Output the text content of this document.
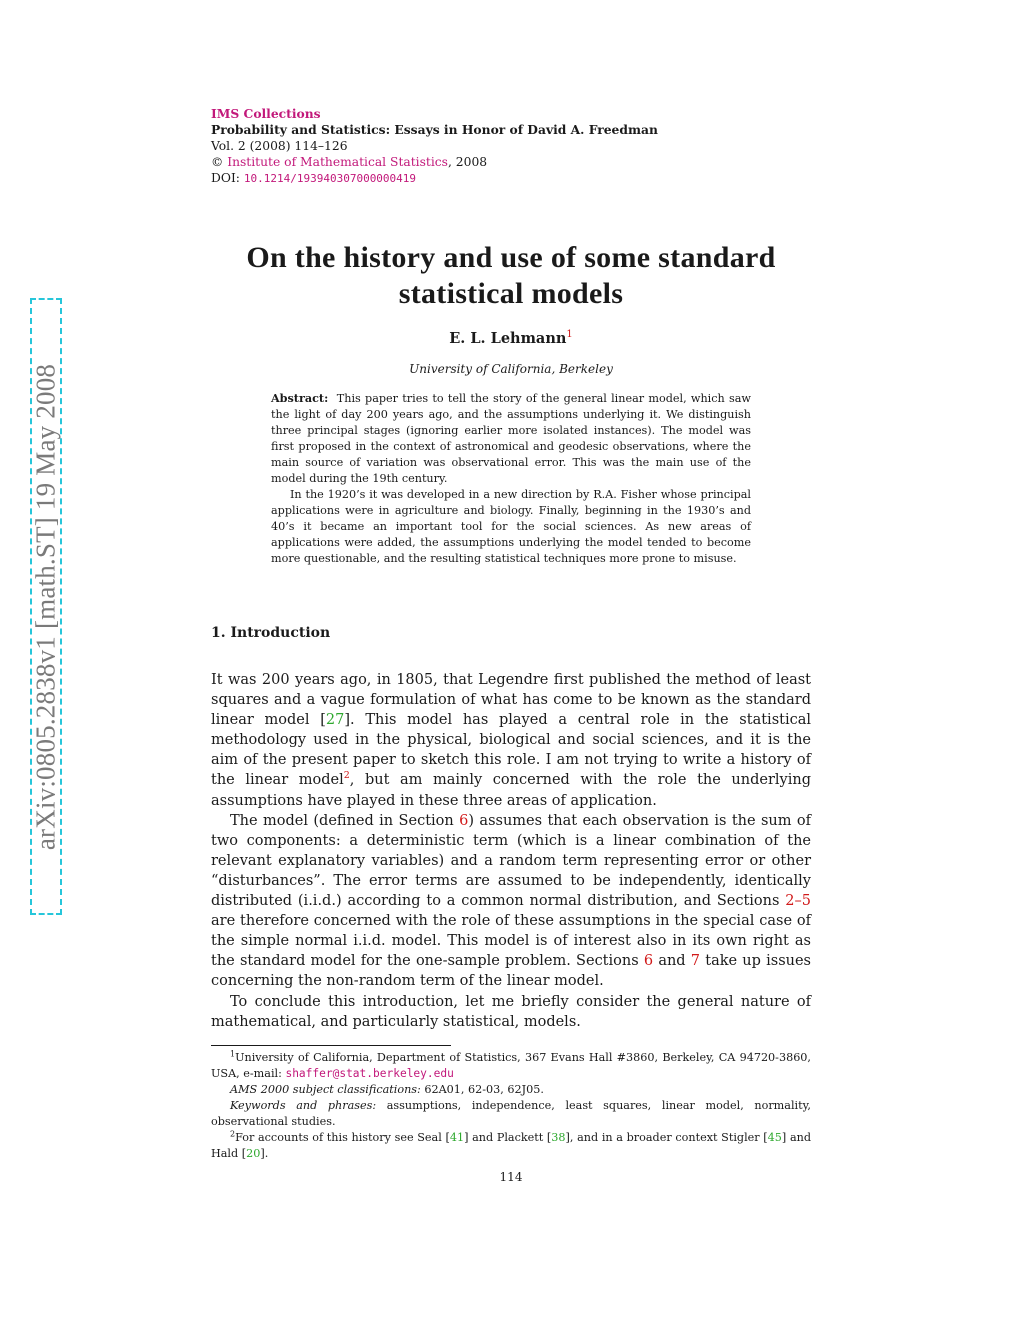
arXiv:0805.2838v1 [math.ST] 19 May 2008
IMS Collections
Probability and Statistics: Essays in Honor of David A. Freedman
Vol. 2 (2008) 114–126
© Institute of Mathematical Statistics, 2008
DOI: 10.1214/193940307000000419
On the history and use of some standard
statistical models
E. L. Lehmann$^1$
University of California, Berkeley

Abstract: This paper tries to tell the story of the general linear model, which saw the light of day 200 years ago, and the assumptions underlying it. We distinguish three principal stages (ignoring earlier more isolated instances). The model was first proposed in the context of astronomical and geodesic observations, where the main source of variation was observational error. This was the main use of the model during the 19th century.

In the 1920’s it was developed in a new direction by R.A. Fisher whose principal applications were in agriculture and biology. Finally, beginning in the 1930’s and 40’s it became an important tool for the social sciences. As new areas of applications were added, the assumptions underlying the model tended to become more questionable, and the resulting statistical techniques more prone to misuse.

1. Introduction

It was 200 years ago, in 1805, that Legendre first published the method of least squares and a vague formulation of what has come to be known as the standard linear model [27]. This model has played a central role in the statistical methodology used in the physical, biological and social sciences, and it is the aim of the present paper to sketch this role. I am not trying to write a history of the linear model$^2$, but am mainly concerned with the role the underlying assumptions have played in these three areas of application.

The model (defined in Section 6) assumes that each observation is the sum of two components: a deterministic term (which is a linear combination of the relevant explanatory variables) and a random term representing error or other “disturbances”. The error terms are assumed to be independently, identically distributed (i.i.d.) according to a common normal distribution, and Sections 2–5 are therefore concerned with the role of these assumptions in the special case of the simple normal i.i.d. model. This model is of interest also in its own right as the standard model for the one-sample problem. Sections 6 and 7 take up issues concerning the non-random term of the linear model.

To conclude this introduction, let me briefly consider the general nature of mathematical, and particularly statistical, models.

$^1$University of California, Department of Statistics, 367 Evans Hall #3860, Berkeley, CA 94720-3860, USA, e-mail: shaffer@stat.berkeley.edu

AMS 2000 subject classifications: 62A01, 62-03, 62J05.

Keywords and phrases: assumptions, independence, least squares, linear model, normality, observational studies.

$^2$For accounts of this history see Seal [41] and Plackett [38], and in a broader context Stigler [45] and Hald [20].

114
